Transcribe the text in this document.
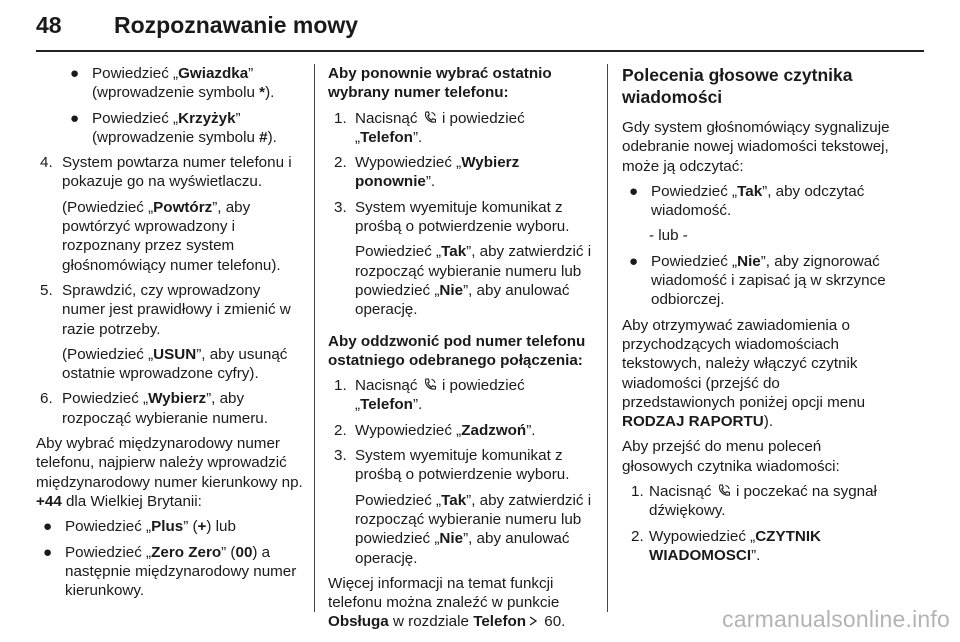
48 Rozpoznawanie mowy
● Powiedzieć „Gwiazdka”
(wprowadzenie symbolu *).
● Powiedzieć „Krzyżyk”
(wprowadzenie symbolu #).
4. System powtarza numer telefonu i pokazuje go na wyświetlaczu.

(Powiedzieć „Powtórz”, aby powtórzyć wprowadzony i rozpoznany przez system głośnomówiący numer telefonu).

5. Sprawdzić, czy wprowadzony numer jest prawidłowy i zmienić w razie potrzeby.

(Powiedzieć „USUN”, aby usunąć ostatnie wprowadzone cyfry).

6. Powiedzieć „Wybierz”, aby rozpocząć wybieranie numeru.

Aby wybrać międzynarodowy numer telefonu, najpierw należy wprowadzić międzynarodowy numer kierunkowy np. +44 dla Wielkiej Brytanii:

● Powiedzieć „Plus” (+) lub
● Powiedzieć „Zero Zero” (00) a następnie międzynarodowy numer kierunkowy.

Aby ponownie wybrać ostatnio wybrany numer telefonu:

1. Nacisnąć i powiedzieć „Telefon”.
2. Wypowiedzieć „Wybierz ponownie”.
3. System wyemituje komunikat z prośbą o potwierdzenie wyboru.

Powiedzieć „Tak”, aby zatwierdzić i rozpocząć wybieranie numeru lub powiedzieć „Nie”, aby anulować operację.

Aby oddzwonić pod numer telefonu ostatniego odebranego połączenia:

1. Nacisnąć i powiedzieć „Telefon”.
2. Wypowiedzieć „Zadzwoń”.
3. System wyemituje komunikat z prośbą o potwierdzenie wyboru.

Powiedzieć „Tak”, aby zatwierdzić i rozpocząć wybieranie numeru lub powiedzieć „Nie”, aby anulować operację.

Więcej informacji na temat funkcji telefonu można znaleźć w punkcie Obsługa w rozdziale Telefon 60.

Polecenia głosowe czytnika wiadomości

Gdy system głośnomówiący sygnalizuje odebranie nowej wiadomości tekstowej, może ją odczytać:

● Powiedzieć „Tak”, aby odczytać wiadomość.

- lub -

● Powiedzieć „Nie”, aby zignorować wiadomość i zapisać ją w skrzynce odbiorczej.

Aby otrzymywać zawiadomienia o przychodzących wiadomościach tekstowych, należy włączyć czytnik wiadomości (przejść do przedstawionych poniżej opcji menu RODZAJ RAPORTU).

Aby przejść do menu poleceń głosowych czytnika wiadomości:

1. Nacisnąć i poczekać na sygnał dźwiękowy.
2. Wypowiedzieć „CZYTNIK WIADOMOSCI”.
carmanualsonline.info
